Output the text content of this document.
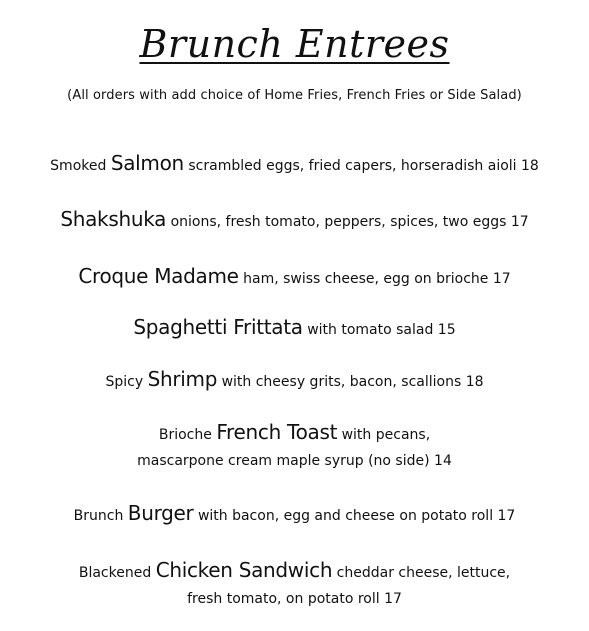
Brunch Entrees
(All orders with add choice of Home Fries, French Fries or Side Salad)
Smoked Salmon scrambled eggs, fried capers, horseradish aioli 18
Shakshuka onions, fresh tomato, peppers, spices, two eggs 17
Croque Madame ham, swiss cheese, egg on brioche 17
Spaghetti Frittata with tomato salad 15
Spicy Shrimp with cheesy grits, bacon, scallions 18
Brioche French Toast with pecans,
mascarpone cream maple syrup (no side) 14
Brunch Burger with bacon, egg and cheese on potato roll 17
Blackened Chicken Sandwich cheddar cheese, lettuce,
fresh tomato, on potato roll 17
